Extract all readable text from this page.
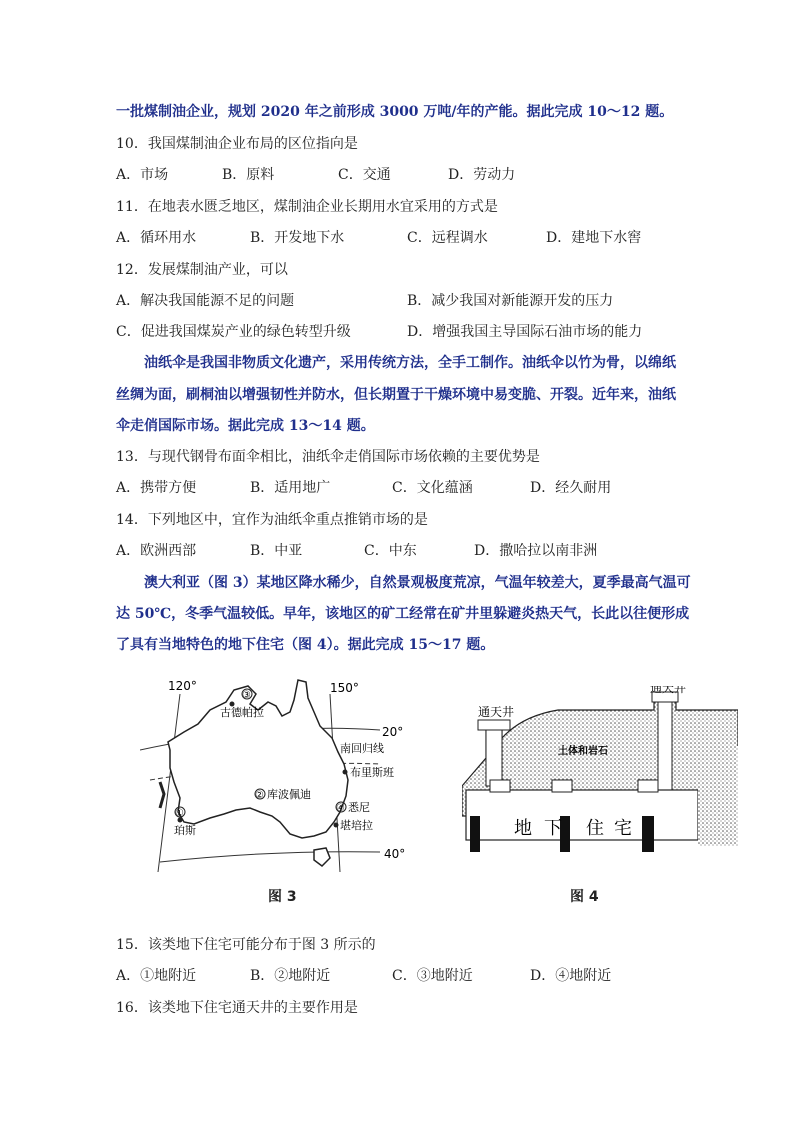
一批煤制油企业，规划 2020 年之前形成 3000 万吨/年的产能。据此完成 10～12 题。
10．我国煤制油企业布局的区位指向是
A．市场	B．原料	C．交通	D．劳动力
11．在地表水匮乏地区，煤制油企业长期用水宜采用的方式是
A．循环用水	B．开发地下水	C．远程调水	D．建地下水窖
12．发展煤制油产业，可以
A．解决我国能源不足的问题	B．减少我国对新能源开发的压力
C．促进我国煤炭产业的绿色转型升级	D．增强我国主导国际石油市场的能力
油纸伞是我国非物质文化遗产，采用传统方法，全手工制作。油纸伞以竹为骨，以绵纸
丝绸为面，刷桐油以增强韧性并防水，但长期置于干燥环境中易变脆、开裂。近年来，油纸
伞走俏国际市场。据此完成 13～14 题。
13．与现代钢骨布面伞相比，油纸伞走俏国际市场依赖的主要优势是
A．携带方便	B．适用地广	C．文化蕴涵	D．经久耐用
14．下列地区中，宜作为油纸伞重点推销市场的是
A．欧洲西部	B．中亚	C．中东	D．撒哈拉以南非洲
澳大利亚（图 3）某地区降水稀少，自然景观极度荒凉，气温年较差大，夏季最高气温可
达 50℃，冬季气温较低。早年，该地区的矿工经常在矿井里躲避炎热天气，长此以往便形成
了具有当地特色的地下住宅（图 4）。据此完成 15～17 题。
120°	150°
20°
40°
南回归线
①
②
③
④
珀斯
库波佩迪
古德帕拉
布里斯班
悉尼
堪培拉
图 3
通天井
通天井
土体和岩石
地 下 住 宅
图 4
15．该类地下住宅可能分布于图 3 所示的
A．①地附近	B．②地附近	C．③地附近	D．④地附近
16．该类地下住宅通天井的主要作用是
